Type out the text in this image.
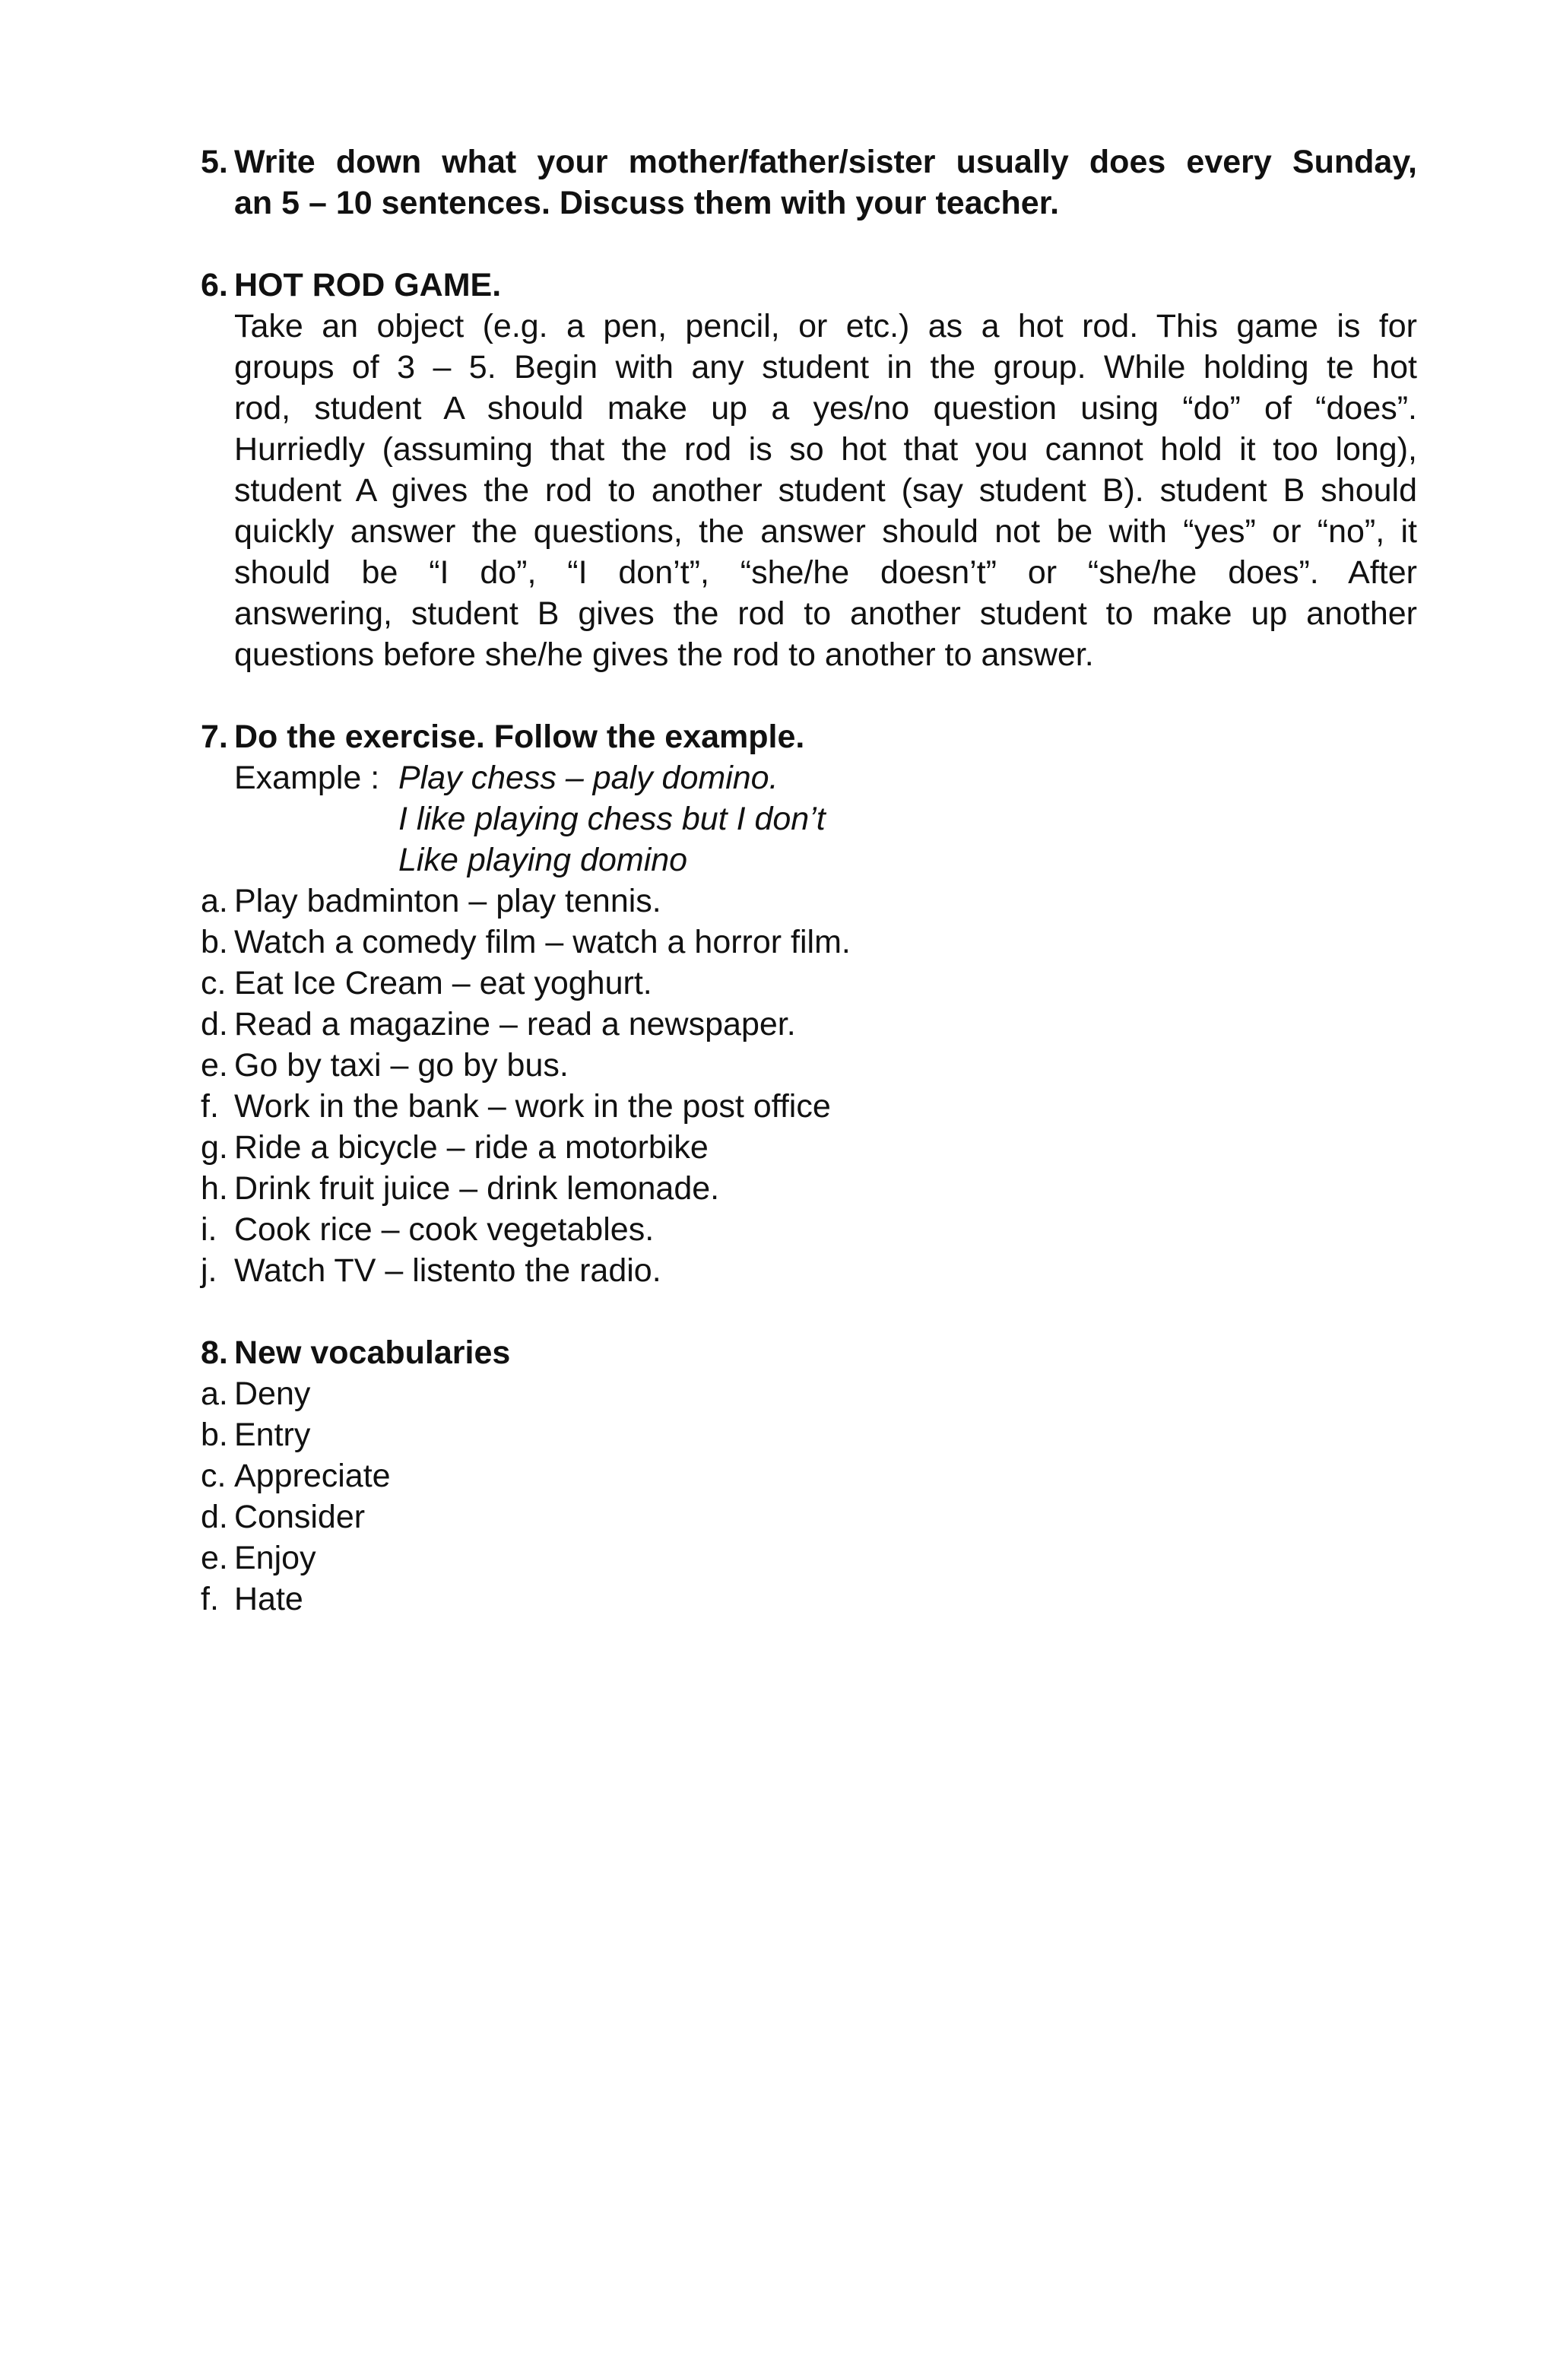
5. Write down what your mother/father/sister usually does every Sunday,
an 5 – 10 sentences. Discuss them with your teacher.
6. HOT ROD GAME.
Take an object (e.g. a pen, pencil, or etc.) as a hot rod. This game is for
groups of 3 – 5. Begin with any student in the group. While holding te hot
rod, student A should make up a yes/no question using “do” of “does”.
Hurriedly (assuming that the rod is so hot that you cannot hold it too long),
student A gives the rod to another student (say student B). student B should
quickly answer the questions, the answer should not be with “yes” or “no”, it
should be “I do”, “I don’t”, “she/he doesn’t” or “she/he does”. After
answering, student B gives the rod to another student to make up another
questions before she/he gives the rod to another to answer.
7. Do the exercise. Follow the example.
Example : Play chess – paly domino.
I like playing chess but I don’t
Like playing domino
a. Play badminton – play tennis.
b. Watch a comedy film – watch a horror film.
c. Eat Ice Cream – eat yoghurt.
d. Read a magazine – read a newspaper.
e. Go by taxi – go by bus.
f. Work in the bank – work in the post office
g. Ride a bicycle – ride a motorbike
h. Drink fruit juice – drink lemonade.
i. Cook rice – cook vegetables.
j. Watch TV – listento the radio.
8. New vocabularies
a. Deny
b. Entry
c. Appreciate
d. Consider
e. Enjoy
f. Hate
